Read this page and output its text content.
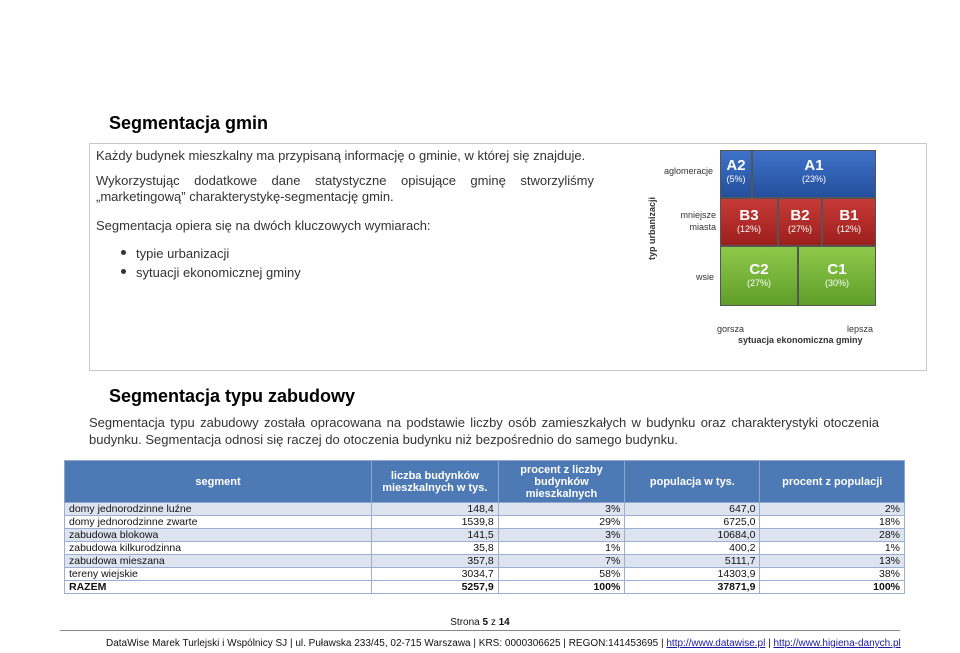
Segmentacja gmin
Każdy budynek mieszkalny ma przypisaną informację o gminie, w której się znajduje.
Wykorzystując dodatkowe dane statystyczne opisujące gminę stworzyliśmy
„marketingową” charakterystykę-segmentację gmin.
Segmentacja opiera się na dwóch kluczowych wymiarach:
typie urbanizacji
sytuacji ekonomicznej gminy
typ urbanizacji
aglomeracje
mniejsze
miasta
wsie
A2
(5%)
A1
(23%)
B3
(12%)
B2
(27%)
B1
(12%)
C2
(27%)
C1
(30%)
gorsza	lepsza
sytuacja ekonomiczna gminy
Segmentacja typu zabudowy
Segmentacja typu zabudowy została opracowana na podstawie liczby osób zamieszkałych w budynku oraz charakterystyki otoczenia
budynku. Segmentacja odnosi się raczej do otoczenia budynku niż bezpośrednio do samego budynku.
segment	liczba budynków mieszkalnych w tys.	procent z liczby budynków mieszkalnych	populacja w tys.	procent z populacji
domy jednorodzinne luźne	148,4	3%	647,0	2%
domy jednorodzinne zwarte	1539,8	29%	6725,0	18%
zabudowa blokowa	141,5	3%	10684,0	28%
zabudowa kilkurodzinna	35,8	1%	400,2	1%
zabudowa mieszana	357,8	7%	5111,7	13%
tereny wiejskie	3034,7	58%	14303,9	38%
RAZEM	5257,9	100%	37871,9	100%
Strona 5 z 14
DataWise Marek Turlejski i Wspólnicy SJ | ul. Puławska 233/45, 02-715 Warszawa | KRS: 0000306625 | REGON:141453695 | http://www.datawise.pl | http://www.higiena-danych.pl
